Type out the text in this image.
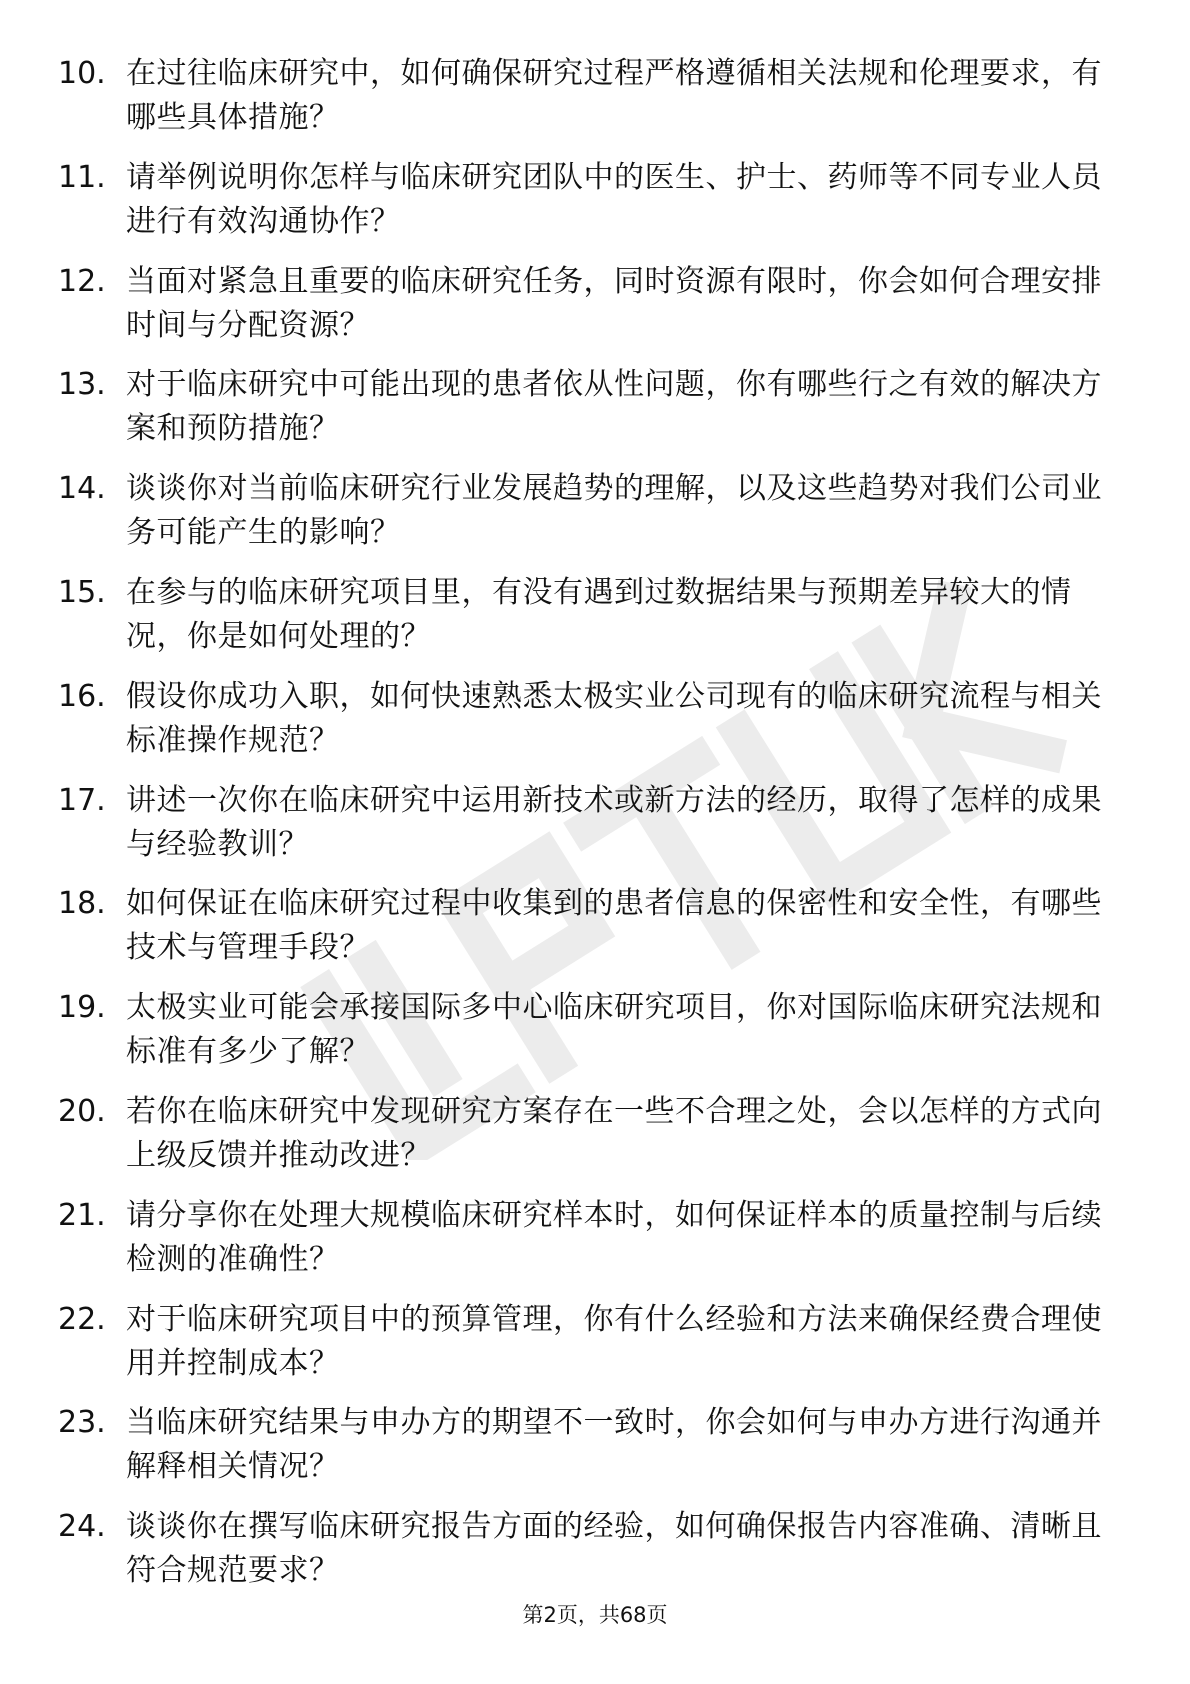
10. 在过往临床研究中，如何确保研究过程严格遵循相关法规和伦理要求，有哪些具体措施？
11. 请举例说明你怎样与临床研究团队中的医生、护士、药师等不同专业人员进行有效沟通协作？
12. 当面对紧急且重要的临床研究任务，同时资源有限时，你会如何合理安排时间与分配资源？
13. 对于临床研究中可能出现的患者依从性问题，你有哪些行之有效的解决方案和预防措施？
14. 谈谈你对当前临床研究行业发展趋势的理解，以及这些趋势对我们公司业务可能产生的影响？
15. 在参与的临床研究项目里，有没有遇到过数据结果与预期差异较大的情况，你是如何处理的？
16. 假设你成功入职，如何快速熟悉太极实业公司现有的临床研究流程与相关标准操作规范？
17. 讲述一次你在临床研究中运用新技术或新方法的经历，取得了怎样的成果与经验教训？
18. 如何保证在临床研究过程中收集到的患者信息的保密性和安全性，有哪些技术与管理手段？
19. 太极实业可能会承接国际多中心临床研究项目，你对国际临床研究法规和标准有多少了解？
20. 若你在临床研究中发现研究方案存在一些不合理之处，会以怎样的方式向上级反馈并推动改进？
21. 请分享你在处理大规模临床研究样本时，如何保证样本的质量控制与后续检测的准确性？
22. 对于临床研究项目中的预算管理，你有什么经验和方法来确保经费合理使用并控制成本？
23. 当临床研究结果与申办方的期望不一致时，你会如何与申办方进行沟通并解释相关情况？
24. 谈谈你在撰写临床研究报告方面的经验，如何确保报告内容准确、清晰且符合规范要求？
第2页，共68页
